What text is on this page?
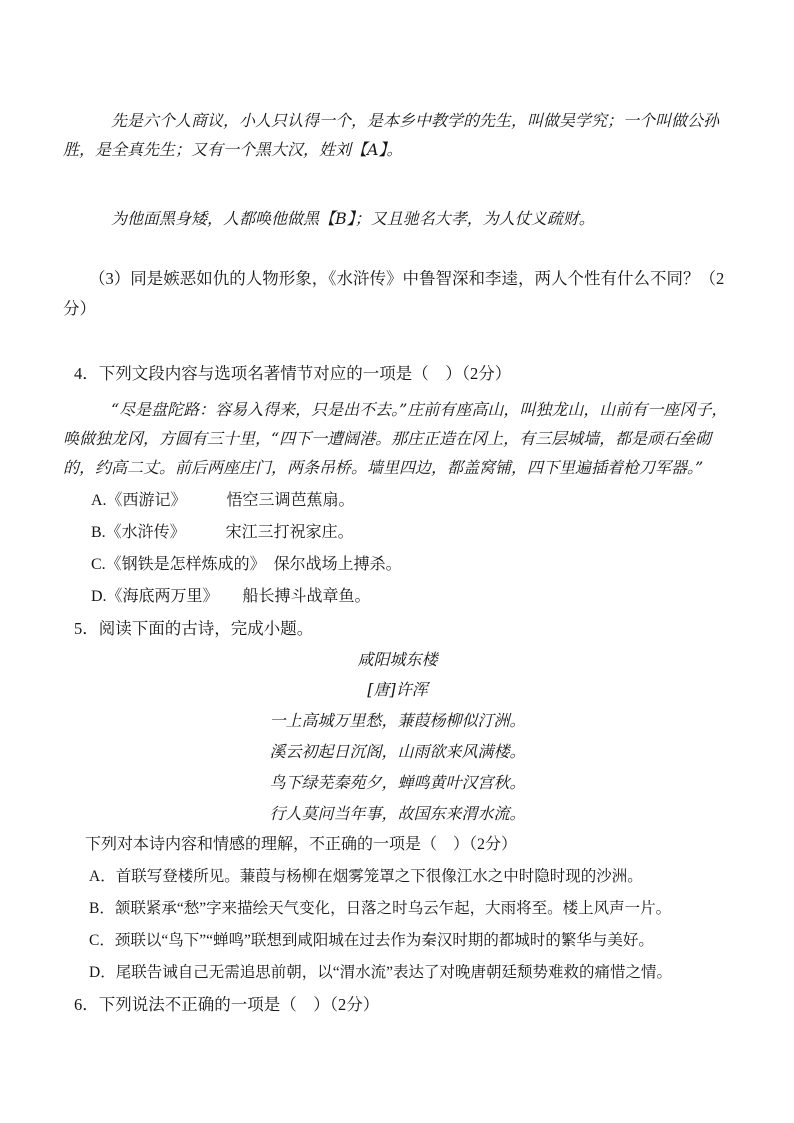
先是六个人商议，小人只认得一个，是本乡中教学的先生，叫做吴学究；一个叫做公孙胜，是全真先生；又有一个黑大汉，姓刘【A】。

为他面黑身矮，人都唤他做黑【B】；又且驰名大孝，为人仗义疏财。

（3）同是嫉恶如仇的人物形象，《水浒传》中鲁智深和李逵，两人个性有什么不同？（2分）

4．下列文段内容与选项名著情节对应的一项是（　）（2分）

“尽是盘陀路：容易入得来，只是出不去。”庄前有座高山，叫独龙山，山前有一座冈子，唤做独龙冈，方圆有三十里，“四下一遭阔港。那庄正造在冈上，有三层城墙，都是顽石垒砌的，约高二丈。前后两座庄门，两条吊桥。墙里四边，都盖窝铺，四下里遍插着枪刀军器。”

A.《西游记》　　　悟空三调芭蕉扇。

B.《水浒传》　　　宋江三打祝家庄。

C.《钢铁是怎样炼成的》　保尔战场上搏杀。

D.《海底两万里》　　船长搏斗战章鱼。

5．阅读下面的古诗，完成小题。

咸阳城东楼

[唐]许浑

一上高城万里愁，蒹葭杨柳似汀洲。

溪云初起日沉阁，山雨欲来风满楼。

鸟下绿芜秦苑夕，蝉鸣黄叶汉宫秋。

行人莫问当年事，故国东来渭水流。

下列对本诗内容和情感的理解，不正确的一项是（　）（2分）

A．首联写登楼所见。蒹葭与杨柳在烟雾笼罩之下很像江水之中时隐时现的沙洲。

B．颔联紧承“愁”字来描绘天气变化，日落之时乌云乍起，大雨将至。楼上风声一片。

C．颈联以“鸟下”“蝉鸣”联想到咸阳城在过去作为秦汉时期的都城时的繁华与美好。

D．尾联告诫自己无需追思前朝，以“渭水流”表达了对晚唐朝廷颓势难救的痛惜之情。

6．下列说法不正确的一项是（　）（2分）
